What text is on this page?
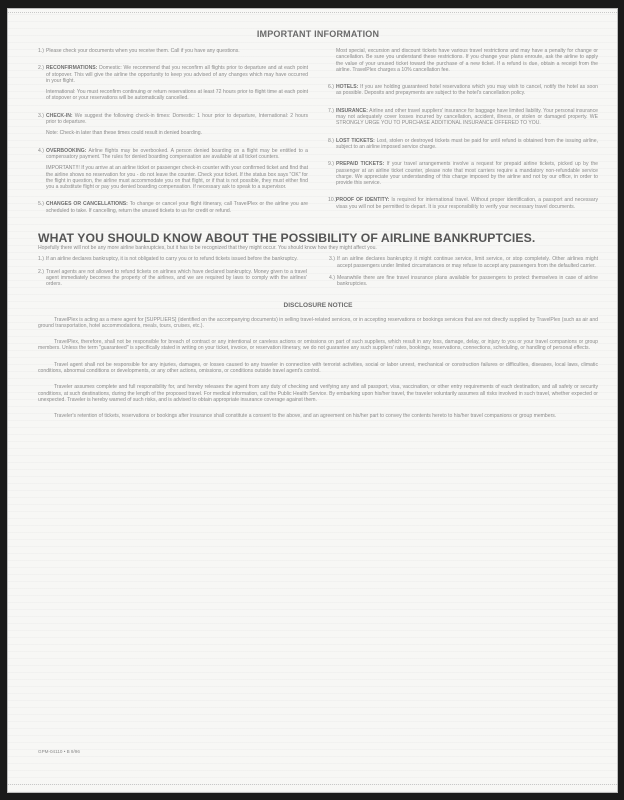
IMPORTANT INFORMATION
1.) Please check your documents when you receive them. Call if you have any questions.

2.) RECONFIRMATIONS: Domestic: We recommend that you reconfirm all flights prior to departure and at each point of stopover. This will give the airline the opportunity to keep you advised of any changes which may have occurred in your flight.

International: You must reconfirm continuing or return reservations at least 72 hours prior to flight time at each point of stopover or your reservations will be automatically cancelled.

3.) CHECK-IN: We suggest the following check-in times: Domestic: 1 hour prior to departure, International: 2 hours prior to departure.

Note: Check-in later than these times could result in denied boarding.

4.) OVERBOOKING: Airline flights may be overbooked. A person denied boarding on a flight may be entitled to a compensatory payment. The rules for denied boarding compensation are available at all ticket counters.

IMPORTANT!!! If you arrive at an airline ticket or passenger check-in counter with your confirmed ticket and find that the airline shows no reservation for you - do not leave the counter. Check your ticket. If the status box says "OK" for the flight in question, the airline must accommodate you on that flight, or if that is not possible, they must either find you a substitute flight or pay you denied boarding compensation. If necessary ask to speak to a supervisor.

5.) CHANGES OR CANCELLATIONS: To change or cancel your flight itinerary, call TravelPlex or the airline you are scheduled to take. If cancelling, return the unused tickets to us for credit or refund.

Most special, excursion and discount tickets have various travel restrictions and may have a penalty for change or cancellation. Be sure you understand these restrictions. If you change your plans enroute, ask the airline to apply the value of your unused ticket toward the purchase of a new ticket. If a refund is due, obtain a receipt from the airline. TravelPlex charges a 10% cancellation fee.

6.) HOTELS: If you are holding guaranteed hotel reservations which you may wish to cancel, notify the hotel as soon as possible. Deposits and prepayments are subject to the hotel's cancellation policy.

7.) INSURANCE: Airline and other travel suppliers' insurance for baggage have limited liability. Your personal insurance may not adequately cover losses incurred by cancellation, accident, illness, or stolen or damaged property. WE STRONGLY URGE YOU TO PURCHASE ADDITIONAL INSURANCE OFFERED TO YOU.

8.) LOST TICKETS: Lost, stolen or destroyed tickets must be paid for until refund is obtained from the issuing airline, subject to an airline imposed service charge.

9.) PREPAID TICKETS: If your travel arrangements involve a request for prepaid airline tickets, picked up by the passenger at an airline ticket counter, please note that most carriers require a mandatory non-refundable service charge. We appreciate your understanding of this charge imposed by the airline and not by our office, in order to provide this service.

10.) PROOF OF IDENTITY: Is required for international travel. Without proper identification, a passport and necessary visas you will not be permitted to depart. It is your responsibility to verify your necessary travel documents.

WHAT YOU SHOULD KNOW ABOUT THE POSSIBILITY OF AIRLINE BANKRUPTCIES.

Hopefully there will not be any more airline bankruptcies, but it has to be recognized that they might occur. You should know how they might affect you.

1.) If an airline declares bankruptcy, it is not obligated to carry you or to refund tickets issued before the bankruptcy.
2.) Travel agents are not allowed to refund tickets on airlines which have declared bankruptcy. Money given to a travel agent immediately becomes the property of the airlines, and we are required by laws to comply with the airlines' orders.
3.) If an airline declares bankruptcy it might continue service, limit service, or stop completely. Other airlines might accept passengers under limited circumstances or may refuse to accept any passengers from the defaulted carrier.
4.) Meanwhile there are fine travel insurance plans available for passengers to protect themselves in case of airline bankruptcies.
DISCLOSURE NOTICE

TravelPlex is acting as a mere agent for [SUPPLIERS] (identified on the accompanying documents) in selling travel-related services, or in accepting reservations or bookings services that are not directly supplied by TravelPlex (such as air and ground transportation, hotel accommodations, meals, tours, cruises, etc.).

TravelPlex, therefore, shall not be responsible for breach of contract or any intentional or careless actions or omissions on part of such suppliers, which result in any loss, damage, delay, or injury to you or your travel companions or group members. Unless the term "guaranteed" is specifically stated in writing on your ticket, invoice, or reservation itinerary, we do not guarantee any such suppliers' rates, bookings, reservations, connections, scheduling, or handling of personal effects.

Travel agent shall not be responsible for any injuries, damages, or losses caused to any traveler in connection with terrorist activities, social or labor unrest, mechanical or construction failures or difficulties, diseases, local laws, climatic conditions, abnormal conditions or developments, or any other actions, omissions, or conditions outside travel agent's control.

Traveler assumes complete and full responsibility for, and hereby releases the agent from any duty of checking and verifying any and all passport, visa, vaccination, or other entry requirements of each destination, and all safety or security conditions, at such destinations, during the length of the proposed travel. For medical information, call the Public Health Service. By embarking upon his/her travel, the traveler voluntarily assumes all risks involved in such travel, whether expected or unexpected. Traveler is hereby warned of such risks, and is advised to obtain appropriate insurance coverage against them.

Traveler's retention of tickets, reservations or bookings after insurance shall constitute a consent to the above, and an agreement on his/her part to convey the contents hereto to his/her travel companions or group members.

GPM-04110 • B 9/96
